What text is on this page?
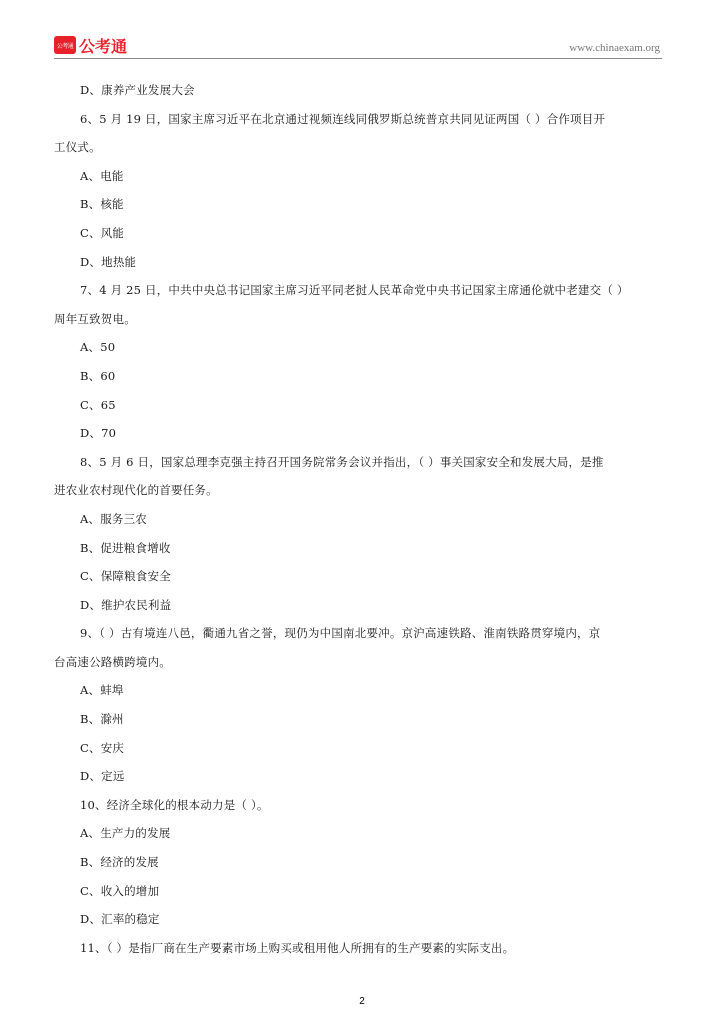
公考通 公考通	www.chinaexam.org
D、康养产业发展大会
6、5 月 19 日，国家主席习近平在北京通过视频连线同俄罗斯总统普京共同见证两国（ ）合作项目开
工仪式。
A、电能
B、核能
C、风能
D、地热能
7、4 月 25 日，中共中央总书记国家主席习近平同老挝人民革命党中央书记国家主席通伦就中老建交（ ）
周年互致贺电。
A、50
B、60
C、65
D、70
8、5 月 6 日，国家总理李克强主持召开国务院常务会议并指出，（ ）事关国家安全和发展大局，是推
进农业农村现代化的首要任务。
A、服务三农
B、促进粮食增收
C、保障粮食安全
D、维护农民利益
9、（ ）古有境连八邑，衢通九省之誉，现仍为中国南北要冲。京沪高速铁路、淮南铁路贯穿境内，京
台高速公路横跨境内。
A、蚌埠
B、滁州
C、安庆
D、定远
10、经济全球化的根本动力是（ ）。
A、生产力的发展
B、经济的发展
C、收入的增加
D、汇率的稳定
11、（ ）是指厂商在生产要素市场上购买或租用他人所拥有的生产要素的实际支出。
2
